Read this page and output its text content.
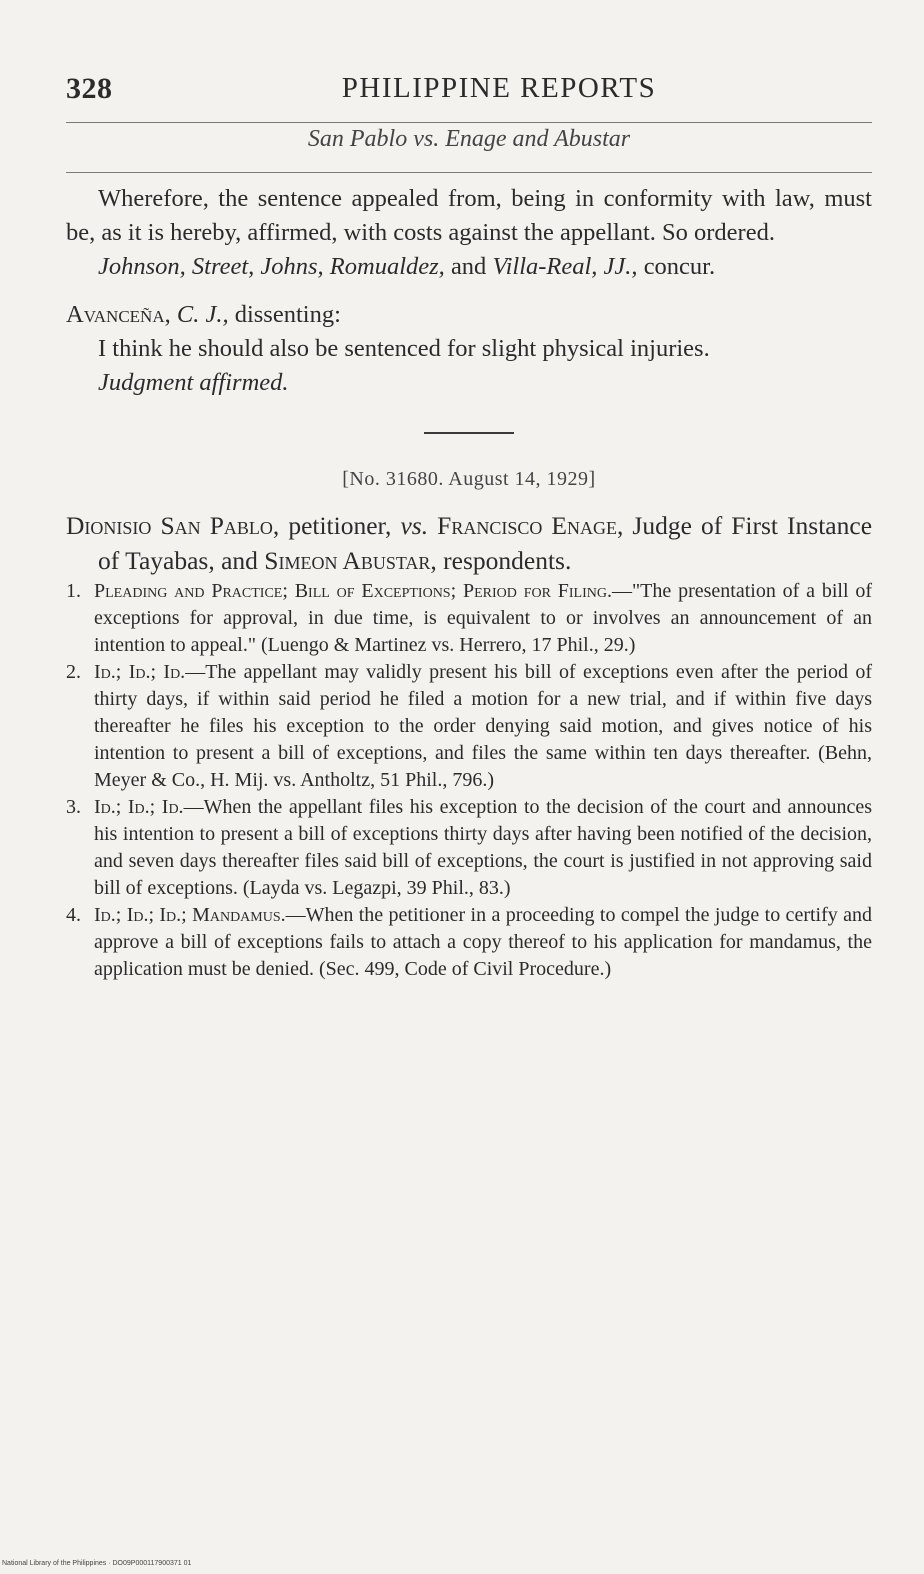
328	PHILIPPINE REPORTS
San Pablo vs. Enage and Abustar

Wherefore, the sentence appealed from, being in conformity with law, must be, as it is hereby, affirmed, with costs against the appellant. So ordered.

Johnson, Street, Johns, Romualdez, and Villa-Real, JJ., concur.

Avanceña, C. J., dissenting:

I think he should also be sentenced for slight physical injuries.

Judgment affirmed.

[No. 31680. August 14, 1929]

Dionisio San Pablo, petitioner, vs. Francisco Enage, Judge of First Instance of Tayabas, and Simeon Abustar, respondents.

1. Pleading and Practice; Bill of Exceptions; Period for Filing.—"The presentation of a bill of exceptions for approval, in due time, is equivalent to or involves an announcement of an intention to appeal." (Luengo & Martinez vs. Herrero, 17 Phil., 29.)

2. Id.; Id.; Id.—The appellant may validly present his bill of exceptions even after the period of thirty days, if within said period he filed a motion for a new trial, and if within five days thereafter he files his exception to the order denying said motion, and gives notice of his intention to present a bill of exceptions, and files the same within ten days thereafter. (Behn, Meyer & Co., H. Mij. vs. Antholtz, 51 Phil., 796.)

3. Id.; Id.; Id.—When the appellant files his exception to the decision of the court and announces his intention to present a bill of exceptions thirty days after having been notified of the decision, and seven days thereafter files said bill of exceptions, the court is justified in not approving said bill of exceptions. (Layda vs. Legazpi, 39 Phil., 83.)

4. Id.; Id.; Id.; Mandamus.—When the petitioner in a proceeding to compel the judge to certify and approve a bill of exceptions fails to attach a copy thereof to his application for mandamus, the application must be denied. (Sec. 499, Code of Civil Procedure.)

National Library of the Philippines · DO09P000117900371 01
